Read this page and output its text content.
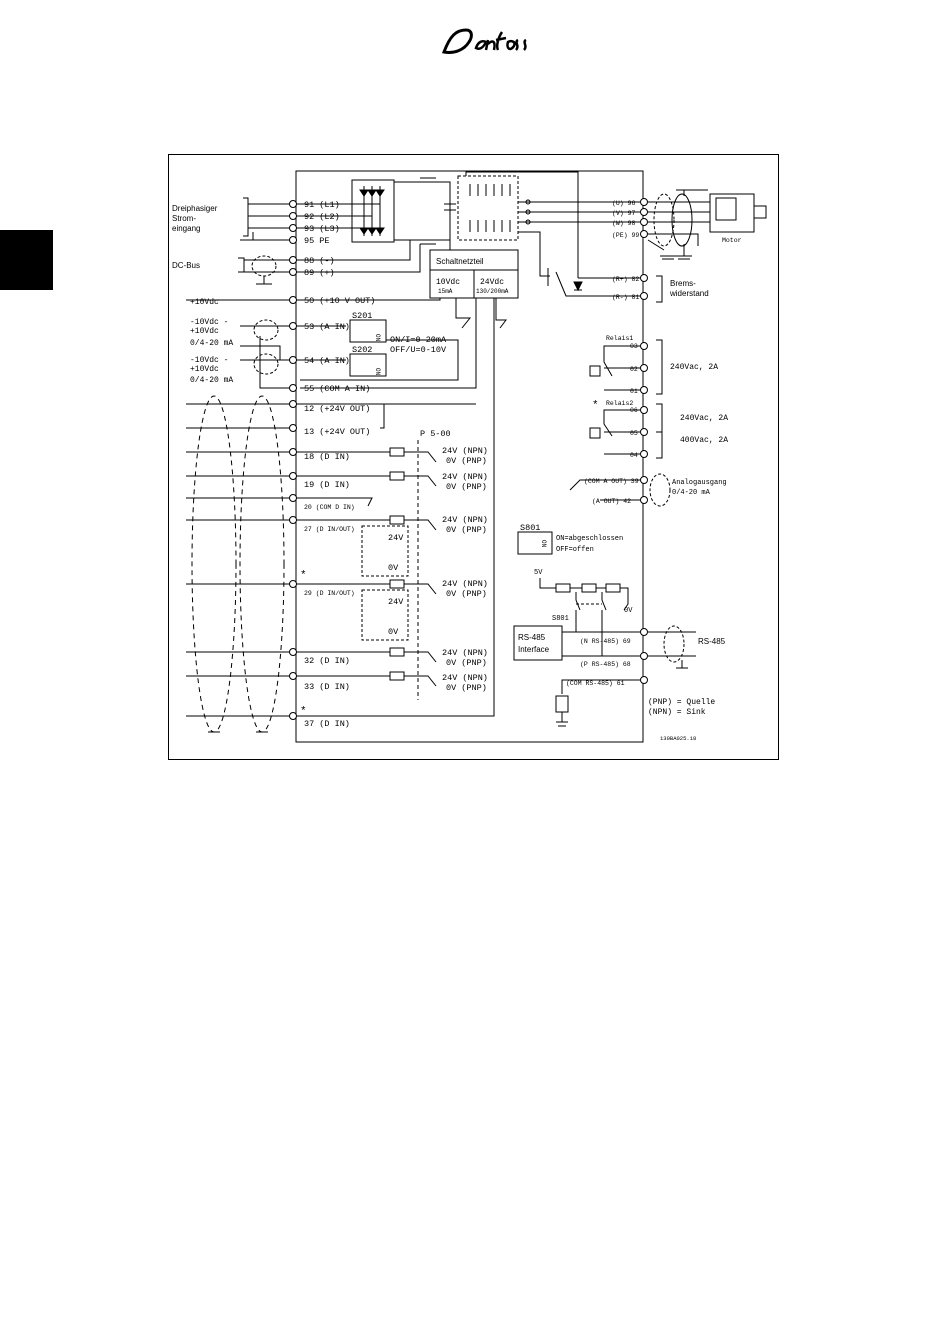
Dreiphasiger
Strom-
eingang
DC-Bus
+10Vdc
-10Vdc -
+10Vdc
0/4-20 mA
-10Vdc -
+10Vdc
0/4-20 mA
91 (L1)
92 (L2)
93 (L3)
95 PE
88 (-)
89 (+)
50 (+10 V OUT)
53 (A IN)
54 (A IN)
55 (COM A IN)
12 (+24V OUT)
13 (+24V OUT)
18 (D IN)
19 (D IN)
20 (COM D IN)
27 (D IN/OUT)
29 (D IN/OUT)
32 (D IN)
33 (D IN)
37 (D IN)
*
*
S201
S202
ON/I=0-20mA
OFF/U=0-10V
ON
ON
S801
ON
ON=abgeschlossen
OFF=offen
S801
Schaltnetzteil
10Vdc
15mA
24Vdc
130/200mA
P 5-00
24V (NPN)
0V (PNP)
24V (NPN)
0V (PNP)
24V (NPN)
0V (PNP)
24V (NPN)
0V (PNP)
24V (NPN)
0V (PNP)
24V (NPN)
0V (PNP)
24V
0V
24V
0V
(U) 96
(V) 97
(W) 98
(PE) 99
Motor
(R+) 82
(R-) 81
Relais1
03
02
01
Relais2
06
05
04
(COM A OUT) 39
(A OUT) 42
5V
0V
(N RS-485) 69
(P RS-485) 68
(COM RS-485) 61
130BA025.18
Brems-
widerstand
240Vac, 2A
240Vac, 2A
400Vac, 2A
Analogausgang
0/4-20 mA
RS-485
Interface
RS-485
(PNP) = Quelle
(NPN) = Sink
*
